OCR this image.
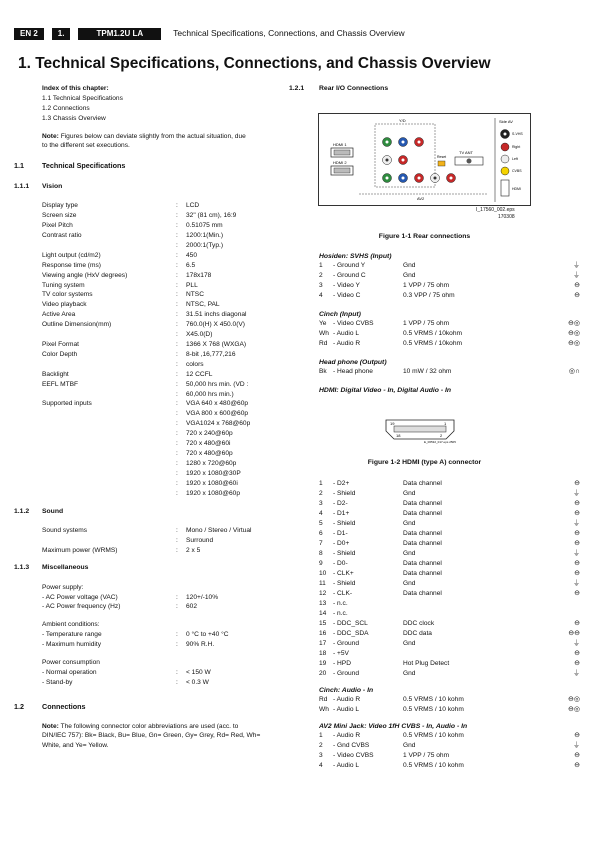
EN 2	1.	TPM1.2U LA	Technical Specifications, Connections, and Chassis Overview
1. Technical Specifications, Connections, and Chassis Overview
Index of this chapter:
1.1 Technical Specifications
1.2 Connections
1.3 Chassis Overview
Note: Figures below can deviate slightly from the actual situation, due to the different set executions.
1.1	Technical Specifications
1.1.1	Vision
Display type	:	LCD
Screen size	:	32" (81 cm), 16:9
Pixel Pitch	:	0.51075 mm
Contrast ratio	:	1200:1(Min.)
:	2000:1(Typ.)
Light output (cd/m2)	:	450
Response time (ms)	:	6.5
Viewing angle (HxV degrees)	:	178x178
Tuning system	:	PLL
TV color systems	:	NTSC
Video playback	:	NTSC, PAL
Active Area	:	31.51 inchs diagonal
Outline Dimension(mm)	:	760.0(H) X 450.0(V)
:	X45.0(D)
Pixel Format	:	1366 X 768 (WXGA)
Color Depth	:	8-bit ,16,777,216
:	colors
Backlight	:	12 CCFL
EEFL MTBF	:	50,000 hrs min. (VD :
:	60,000 hrs min.)
Supported inputs	:	VGA 640 x 480@60p
:	VGA 800 x 600@60p
:	VGA1024 x 768@60p
:	720 x 240@60p
:	720 x 480@60i
:	720 x 480@60p
:	1280 x 720@60p
:	1920 x 1080@30P
:	1920 x 1080@60i
:	1920 x 1080@60p
1.1.2	Sound
Sound systems	:	Mono / Stereo / Virtual
:	Surround
Maximum power (WRMS)	:	2 x 5
1.1.3	Miscellaneous
Power supply:
- AC Power voltage (VAC)	:	120+/-10%
- AC Power frequency (Hz)	:	602
Ambient conditions:
- Temperature range	:	0 °C to +40 °C
- Maximum humidity	:	90% R.H.
Power consumption
- Normal operation	:	< 150 W
- Stand-by	:	< 0.3 W
1.2	Connections
Note: The following connector color abbreviations are used (acc. to DIN/IEC 757): Bk= Black, Bu= Blue, Gn= Green, Gy= Grey, Rd= Red, Wh= White, and Ye= Yellow.
1.2.1	Rear I/O Connections
HDMI 1
HDMI 2
Y/D
Reset
TV ANT
AV2
Side AV
S-VHS
Right
Left
CVBS
HDMI
I_17560_002.eps
170308
Figure 1-1 Rear connections
Hosiden: SVHS (Input)
1	- Ground Y	Gnd	⏚
2	- Ground C	Gnd	⏚
3	- Video Y	1 VPP / 75 ohm	⊖
4	- Video C	0.3 VPP / 75 ohm	⊖
Cinch (Input)
Ye - Video CVBS	1 VPP / 75 ohm	⊖◎
Wh - Audio L	0.5 VRMS / 10kohm	⊖◎
Rd - Audio R	0.5 VRMS / 10kohm	⊖◎
Head phone (Output)
Bk - Head phone	10 mW / 32 ohm	◎∩
HDMI: Digital Video - In, Digital Audio - In
19	1
18	2
E_06532_017.eps 250505
Figure 1-2 HDMI (type A) connector
1	- D2+	Data channel	⊖
2	- Shield	Gnd	⏚
3	- D2-	Data channel	⊖
4	- D1+	Data channel	⊖
5	- Shield	Gnd	⏚
6	- D1-	Data channel	⊖
7	- D0+	Data channel	⊖
8	- Shield	Gnd	⏚
9	- D0-	Data channel	⊖
10	- CLK+	Data channel	⊖
11	- Shield	Gnd	⏚
12	- CLK-	Data channel	⊖
13	- n.c.
14	- n.c.
15	- DDC_SCL	DDC clock	⊖
16	- DDC_SDA	DDC data	⊖⊖
17	- Ground	Gnd	⏚
18	- +5V	⊖
19	- HPD	Hot Plug Detect	⊖
20	- Ground	Gnd	⏚
Cinch: Audio - In
Rd - Audio R	0.5 VRMS / 10 kohm	⊖◎
Wh - Audio L	0.5 VRMS / 10 kohm	⊖◎
AV2 Mini Jack: Video 1fH CVBS - In, Audio - In
1	- Audio R	0.5 VRMS / 10 kohm	⊖
2	- Gnd CVBS	Gnd	⏚
3	- Video CVBS	1 VPP / 75 ohm	⊖
4	- Audio L	0.5 VRMS / 10 kohm	⊖
